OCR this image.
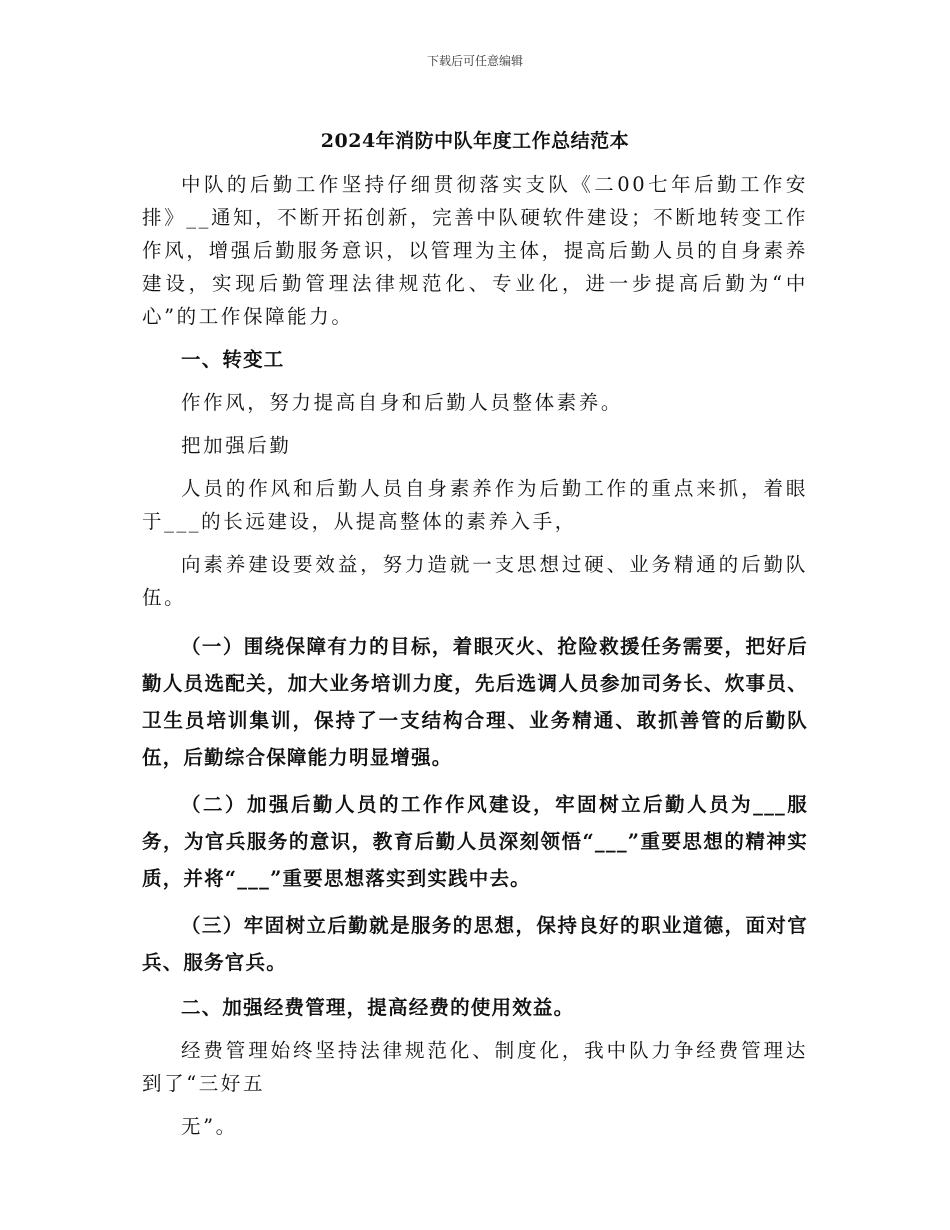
下载后可任意编辑
2024年消防中队年度工作总结范本

中队的后勤工作坚持仔细贯彻落实支队《二00七年后勤工作安排》__通知，不断开拓创新，完善中队硬软件建设；不断地转变工作作风，增强后勤服务意识，以管理为主体，提高后勤人员的自身素养建设，实现后勤管理法律规范化、专业化，进一步提高后勤为“中心”的工作保障能力。

一、转变工

作作风，努力提高自身和后勤人员整体素养。

把加强后勤

人员的作风和后勤人员自身素养作为后勤工作的重点来抓，着眼于___的长远建设，从提高整体的素养入手，

向素养建设要效益，努力造就一支思想过硬、业务精通的后勤队伍。

（一）围绕保障有力的目标，着眼灭火、抢险救援任务需要，把好后勤人员选配关，加大业务培训力度，先后选调人员参加司务长、炊事员、卫生员培训集训，保持了一支结构合理、业务精通、敢抓善管的后勤队伍，后勤综合保障能力明显增强。

（二）加强后勤人员的工作作风建设，牢固树立后勤人员为___服务，为官兵服务的意识，教育后勤人员深刻领悟“___”重要思想的精神实质，并将“___”重要思想落实到实践中去。

（三）牢固树立后勤就是服务的思想，保持良好的职业道德，面对官兵、服务官兵。

二、加强经费管理，提高经费的使用效益。

经费管理始终坚持法律规范化、制度化，我中队力争经费管理达到了“三好五

无”。
